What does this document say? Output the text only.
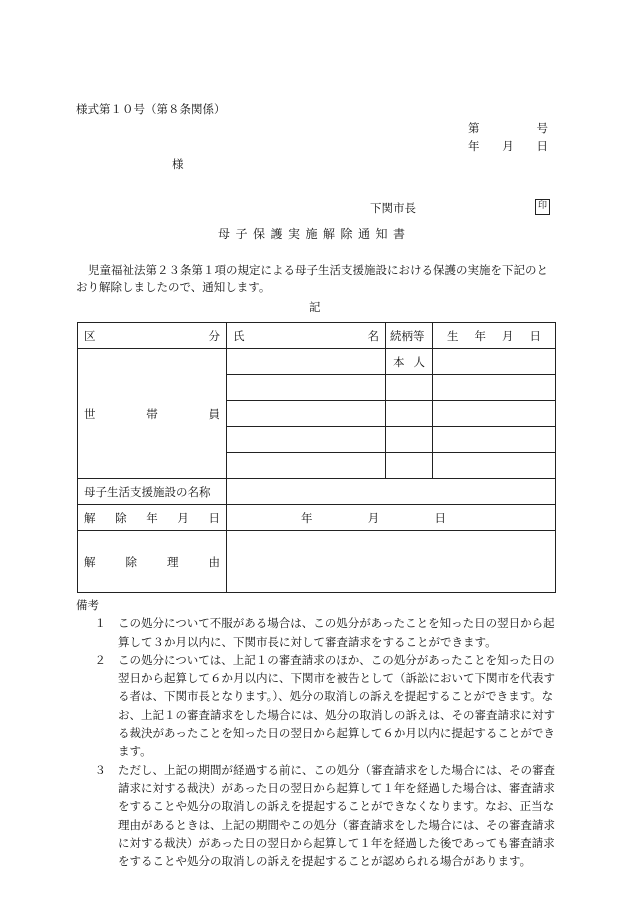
様式第１０号（第８条関係）
第	号
年 月 日
様
下関市長	印
母子保護実施解除通知書
児童福祉法第２３条第１項の規定による母子生活支援施設における保護の実施を下記のとおり解除しましたので、通知します。
記
区 分	氏 名	続柄等	生 年 月 日

世 帯 員		本 人	

母子生活支援施設の名称			

解 除 年 月 日	年 月 日		

解 除 理 由			

備考
１	この処分について不服がある場合は、この処分があったことを知った日の翌日から起算して３か月以内に、下関市長に対して審査請求をすることができます。
２	この処分については、上記１の審査請求のほか、この処分があったことを知った日の翌日から起算して６か月以内に、下関市を被告として（訴訟において下関市を代表する者は、下関市長となります。）、処分の取消しの訴えを提起することができます。なお、上記１の審査請求をした場合には、処分の取消しの訴えは、その審査請求に対する裁決があったことを知った日の翌日から起算して６か月以内に提起することができます。
３	ただし、上記の期間が経過する前に、この処分（審査請求をした場合には、その審査請求に対する裁決）があった日の翌日から起算して１年を経過した場合は、審査請求をすることや処分の取消しの訴えを提起することができなくなります。なお、正当な理由があるときは、上記の期間やこの処分（審査請求をした場合には、その審査請求に対する裁決）があった日の翌日から起算して１年を経過した後であっても審査請求をすることや処分の取消しの訴えを提起することが認められる場合があります。
